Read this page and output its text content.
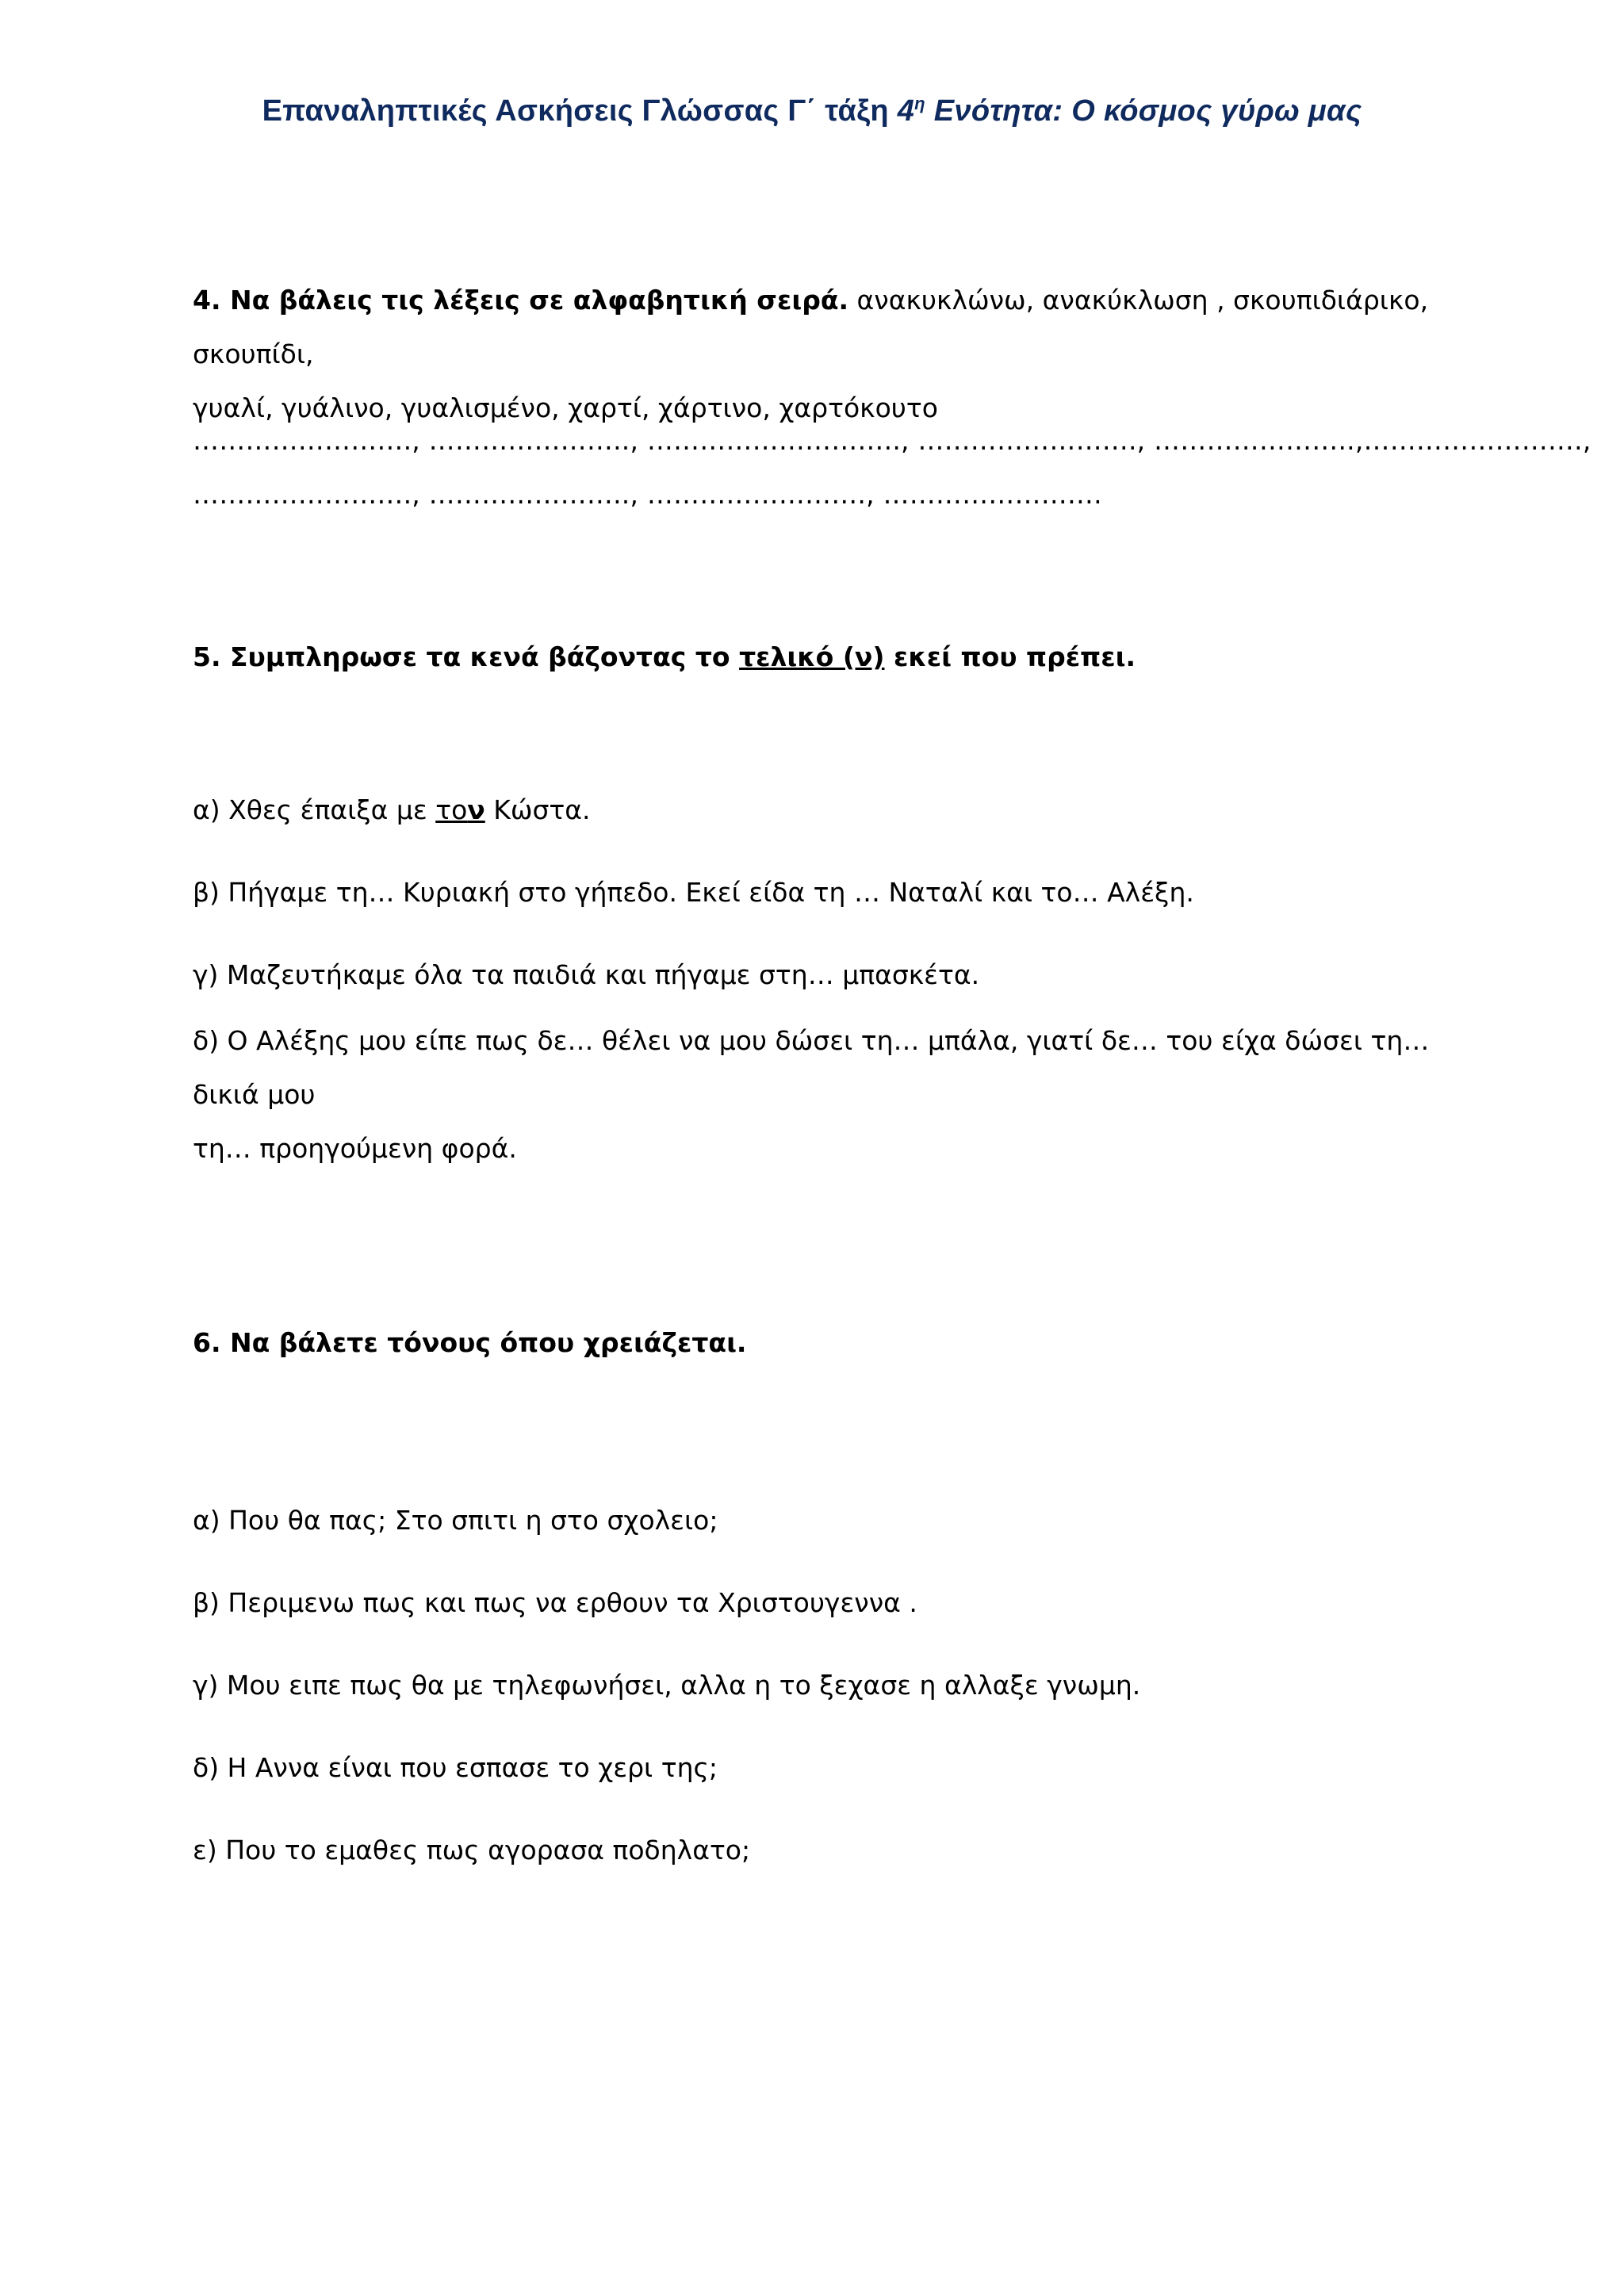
Επαναληπτικές Ασκήσεις Γλώσσας Γ΄ τάξη $4^\eta$ Ενότητα: Ο κόσμος γύρω μας

4. Να βάλεις τις λέξεις σε αλφαβητική σειρά. ανακυκλώνω, ανακύκλωση , σκουπιδιάρικο, σκουπίδι,

γυαλί, γυάλινο, γυαλισμένο, χαρτί, χάρτινο, χαρτόκουτο

……………………., ………………….., ……………………….., ……………………., …………………..,…………………….,

……………………., ………………….., ……………………., …………………….

5. Συμπληρωσε τα κενά βάζοντας το τελικό (ν) εκεί που πρέπει.

α) Χθες έπαιξα με τον Κώστα.

β) Πήγαμε τη… Κυριακή στο γήπεδο. Εκεί είδα τη … Ναταλί και το… Αλέξη.

γ) Μαζευτήκαμε όλα τα παιδιά και πήγαμε στη… μπασκέτα.

δ) Ο Αλέξης μου είπε πως δε… θέλει να μου δώσει τη… μπάλα, γιατί δε… του είχα δώσει τη… δικιά μου

τη… προηγούμενη φορά.

6. Να βάλετε τόνους όπου χρειάζεται.

α) Που θα πας; Στο σπιτι η στο σχολειο;

β) Περιμενω πως και πως να ερθουν τα Χριστουγεννα .

γ) Μου ειπε πως θα με τηλεφωνήσει, αλλα η το ξεχασε η αλλαξε γνωμη.

δ) Η Αννα είναι που εσπασε το χερι της;

ε) Που το εμαθες πως αγορασα ποδηλατο;
